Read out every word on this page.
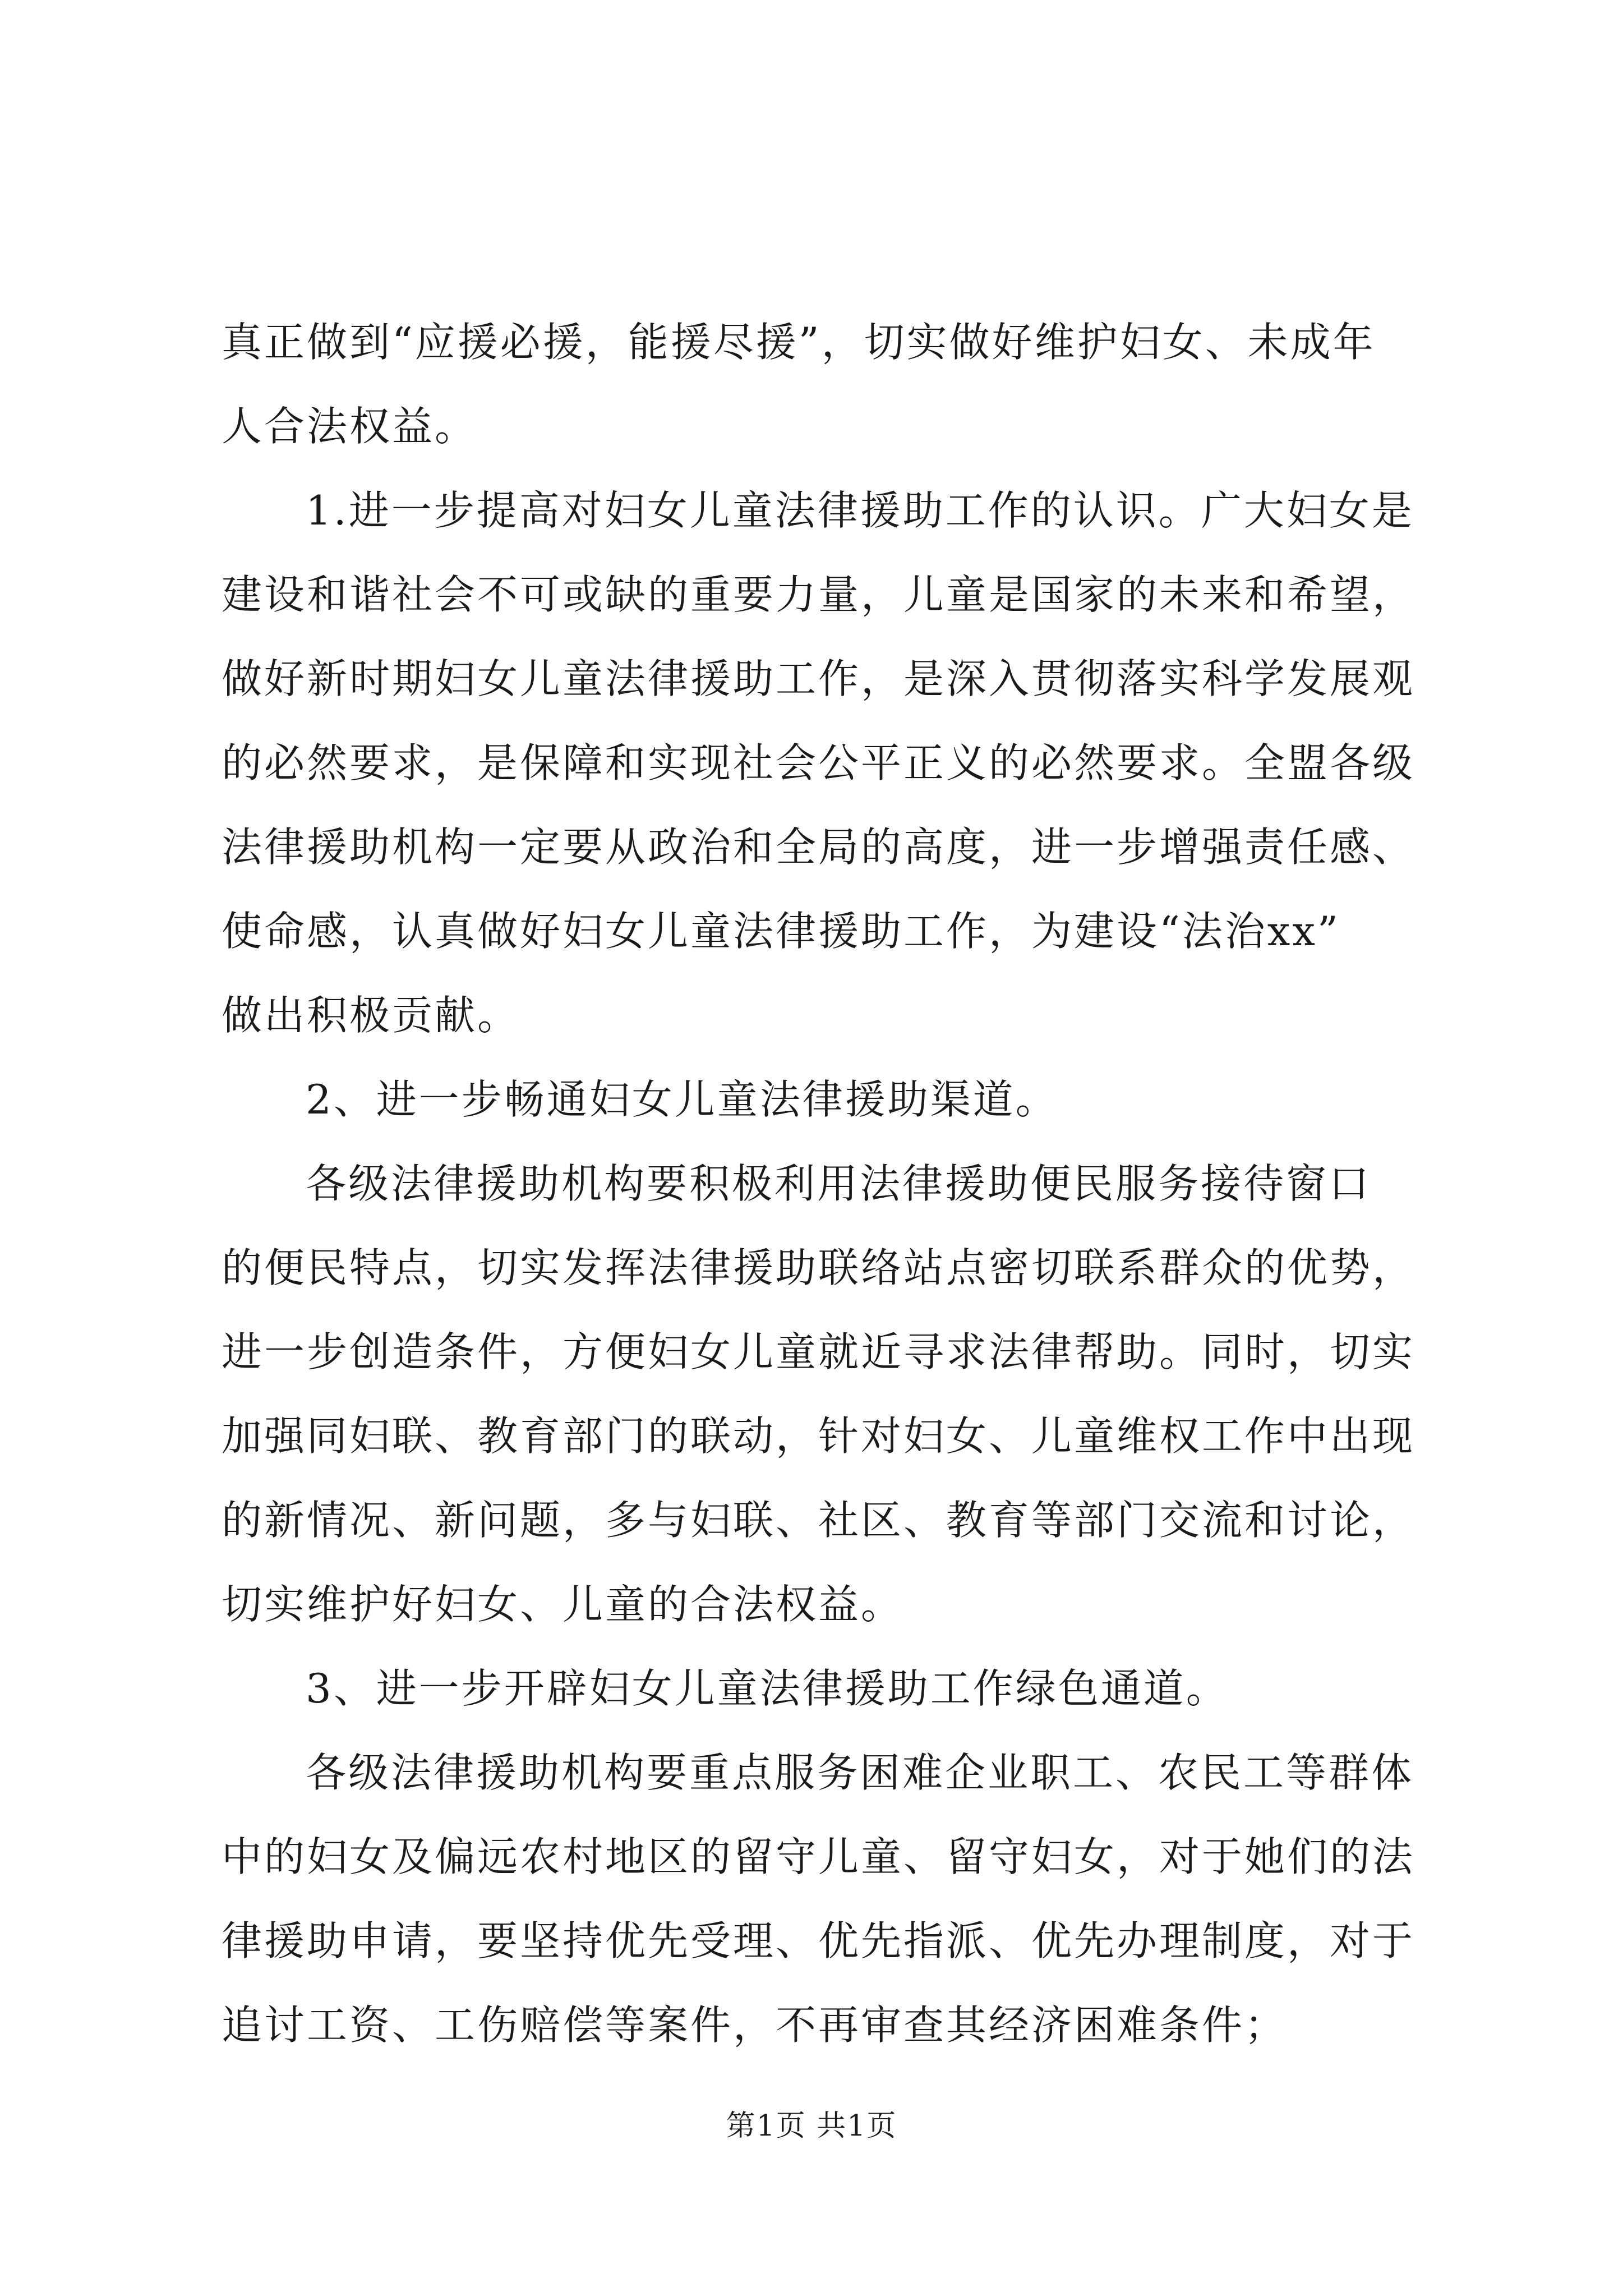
真正做到“应援必援，能援尽援”，切实做好维护妇女、未成年
人合法权益。
1.进一步提高对妇女儿童法律援助工作的认识。广大妇女是
建设和谐社会不可或缺的重要力量，儿童是国家的未来和希望，
做好新时期妇女儿童法律援助工作，是深入贯彻落实科学发展观
的必然要求，是保障和实现社会公平正义的必然要求。全盟各级
法律援助机构一定要从政治和全局的高度，进一步增强责任感、
使命感，认真做好妇女儿童法律援助工作，为建设“法治xx”
做出积极贡献。
2、进一步畅通妇女儿童法律援助渠道。
各级法律援助机构要积极利用法律援助便民服务接待窗口
的便民特点，切实发挥法律援助联络站点密切联系群众的优势，
进一步创造条件，方便妇女儿童就近寻求法律帮助。同时，切实
加强同妇联、教育部门的联动，针对妇女、儿童维权工作中出现
的新情况、新问题，多与妇联、社区、教育等部门交流和讨论，
切实维护好妇女、儿童的合法权益。
3、进一步开辟妇女儿童法律援助工作绿色通道。
各级法律援助机构要重点服务困难企业职工、农民工等群体
中的妇女及偏远农村地区的留守儿童、留守妇女，对于她们的法
律援助申请，要坚持优先受理、优先指派、优先办理制度，对于
追讨工资、工伤赔偿等案件，不再审查其经济困难条件；
第1页 共1页
